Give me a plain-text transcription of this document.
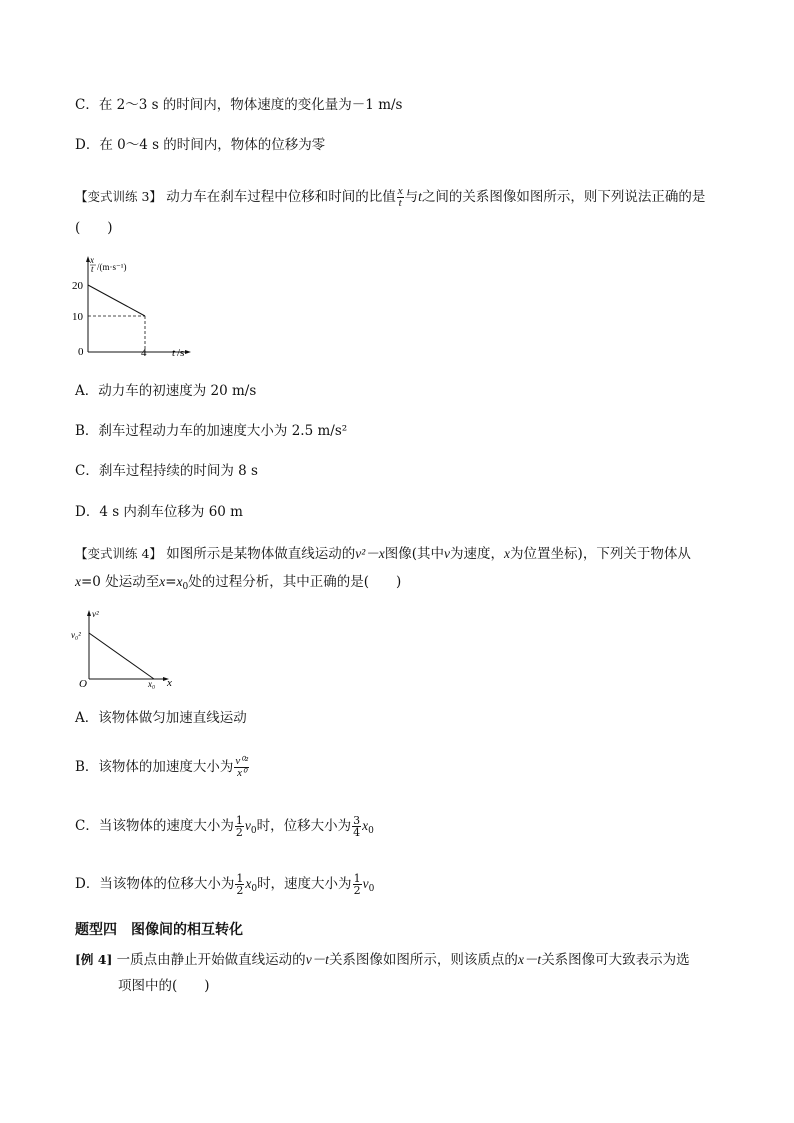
C．在 2～3 s 的时间内，物体速度的变化量为－1 m/s
D．在 0～4 s 的时间内，物体的位移为零
【变式训练 3】 动力车在刹车过程中位移和时间的比值 $\frac{x}{t}$ 与t之间的关系图像如图所示，则下列说法正确的是
(　　)
x
t /(m·s⁻¹)
20
10
0	4 t /s
A．动力车的初速度为 20 m/s
B．刹车过程动力车的加速度大小为 2.5 m/s²
C．刹车过程持续的时间为 8 s
D．4 s 内刹车位移为 60 m
【变式训练 4】 如图所示是某物体做直线运动的v²－x图像(其中v为速度，x为位置坐标)，下列关于物体从
x=0 处运动至$x=x_0$处的过程分析，其中正确的是(　　)
v²
v₀²
O	x₀ x
A．该物体做匀加速直线运动
B．该物体的加速度大小为 $\frac{\text{v⁰²}}{\text{x⁰}}$
C．当该物体的速度大小为 $\frac{1}{2} v_0$时，位移大小为 $\frac{3}{4} x_0$
D．当该物体的位移大小为 $\frac{1}{2} x_0$时，速度大小为 $\frac{1}{2} v_0$
题型四　图像间的相互转化
[例 4] 一质点由静止开始做直线运动的v－t关系图像如图所示，则该质点的x－t关系图像可大致表示为选
项图中的(　　)
